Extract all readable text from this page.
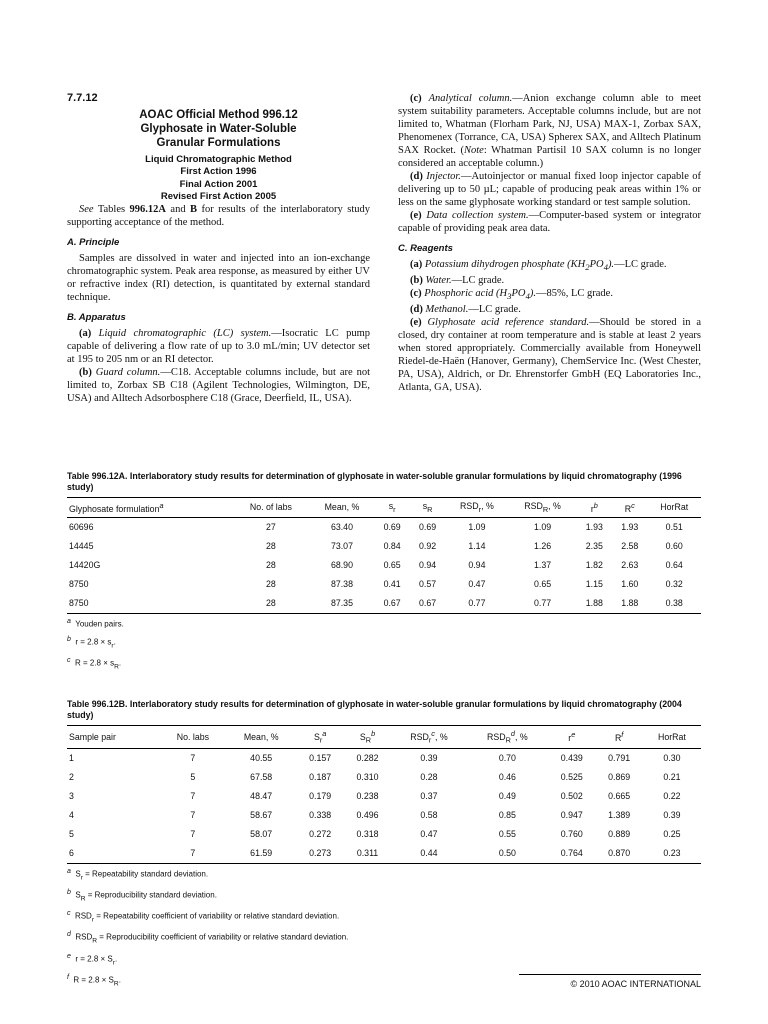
7.7.12

AOAC Official Method 996.12

Glyphosate in Water-Soluble

Granular Formulations

Liquid Chromatographic Method

First Action 1996

Final Action 2001

Revised First Action 2005

See Tables 996.12A and B for results of the interlaboratory study supporting acceptance of the method.

A. Principle

Samples are dissolved in water and injected into an ion-exchange chromatographic system. Peak area response, as measured by either UV or refractive index (RI) detection, is quantitated by external standard technique.

B. Apparatus

(a) Liquid chromatographic (LC) system.—Isocratic LC pump capable of delivering a flow rate of up to 3.0 mL/min; UV detector set at 195 to 205 nm or an RI detector.

(b) Guard column.—C18. Acceptable columns include, but are not limited to, Zorbax SB C18 (Agilent Technologies, Wilmington, DE, USA) and Alltech Adsorbosphere C18 (Grace, Deerfield, IL, USA).

(c) Analytical column.—Anion exchange column able to meet system suitability parameters. Acceptable columns include, but are not limited to, Whatman (Florham Park, NJ, USA) MAX-1, Zorbax SAX, Phenomenex (Torrance, CA, USA) Spherex SAX, and Alltech Platinum SAX Rocket. (Note: Whatman Partisil 10 SAX column is no longer considered an acceptable column.)

(d) Injector.—Autoinjector or manual fixed loop injector capable of delivering up to 50 µL; capable of producing peak areas within 1% or less on the same glyphosate working standard or test sample solution.

(e) Data collection system.—Computer-based system or integrator capable of providing peak area data.

C. Reagents

(a) Potassium dihydrogen phosphate $(KH_2PO_4).—LC$ grade.

(b) Water.—LC grade.

(c) Phosphoric acid $(H_3PO_4).—85\%$, LC grade.

(d) Methanol.—LC grade.

(e) Glyphosate acid reference standard.—Should be stored in a closed, dry container at room temperature and is stable at least 2 years when stored appropriately. Commercially available from Honeywell Riedel-de-Haën (Hanover, Germany), ChemService Inc. (West Chester, PA, USA), Aldrich, or Dr. Ehrenstorfer GmbH (EQ Laboratories Inc., Atlanta, GA, USA).

Table 996.12A. Interlaboratory study results for determination of glyphosate in water-soluble granular formulations by liquid chromatography (1996 study)
Glyphosate formulation$^a$	No. of labs	Mean, %	$s_r$	$s_R$	$RSD_r$, %	$RSD_R$, %	$r^b$	$R^c$	HorRat
60696	27	63.40	0.69	0.69	1.09	1.09	1.93	1.93	0.51
14445	28	73.07	0.84	0.92	1.14	1.26	2.35	2.58	0.60
14420G	28	68.90	0.65	0.94	0.94	1.37	1.82	2.63	0.64
8750	28	87.38	0.41	0.57	0.47	0.65	1.15	1.60	0.32
8750	28	87.35	0.67	0.67	0.77	0.77	1.88	1.88	0.38
$^a$ Youden pairs.
$^b$ $r = 2.8 \times s_r$.
$^c$ $R = 2.8 \times s_R$.
Table 996.12B. Interlaboratory study results for determination of glyphosate in water-soluble granular formulations by liquid chromatography (2004 study)
Sample pair	No. labs	Mean, %	$S_r^a$	$S_R^b$	$RSD_r^c$, %	$RSD_R^d$, %	$r^e$	$R^f$	HorRat
1	7	40.55	0.157	0.282	0.39	0.70	0.439	0.791	0.30
2	5	67.58	0.187	0.310	0.28	0.46	0.525	0.869	0.21
3	7	48.47	0.179	0.238	0.37	0.49	0.502	0.665	0.22
4	7	58.67	0.338	0.496	0.58	0.85	0.947	1.389	0.39
5	7	58.07	0.272	0.318	0.47	0.55	0.760	0.889	0.25
6	7	61.59	0.273	0.311	0.44	0.50	0.764	0.870	0.23
$^a$  $S_r$ = Repeatability standard deviation.
$^b$  $S_R$ = Reproducibility standard deviation.
$^c$  $RSD_r$ = Repeatability coefficient of variability or relative standard deviation.
$^d$  $RSD_R$ = Reproducibility coefficient of variability or relative standard deviation.
$^e$ $r = 2.8 \times S_r$.
$^f$ $R = 2.8 \times S_R$.	© 2010 AOAC INTERNATIONAL
